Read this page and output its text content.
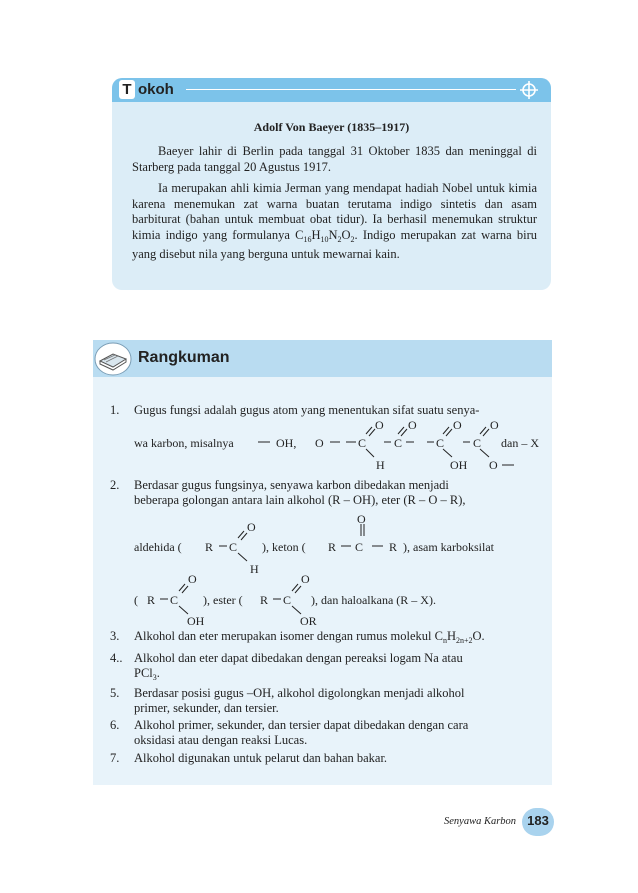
T okoh
Adolf Von Baeyer (1835–1917)
Baeyer lahir di Berlin pada tanggal 31 Oktober 1835 dan meninggal di Starberg pada tanggal 20 Agustus 1917.
Ia merupakan ahli kimia Jerman yang mendapat hadiah Nobel untuk kimia karena menemukan zat warna buatan terutama indigo sintetis dan asam barbiturat (bahan untuk membuat obat tidur). Ia berhasil menemukan struktur kimia indigo yang formulanya $C_{16}H_{10}N_2O_2$. Indigo merupakan zat warna biru yang disebut nila yang berguna untuk mewarnai kain.
Rangkuman
1. Gugus fungsi adalah gugus atom yang menentukan sifat suatu senya-
wa karbon, misalnya	OH, O	C
O
H
C
O
C
O
OH
C
O
O
dan – X
2. Berdasar gugus fungsinya, senyawa karbon dibedakan menjadi
beberapa golongan antara lain alkohol (R – OH), eter (R – O – R),
aldehida ( R C
O
H
), keton ( R C
O
R ), asam karboksilat
( R C
O
OH
), ester ( R C
O
OR
), dan haloalkana (R – X).
3. Alkohol dan eter merupakan isomer dengan rumus molekul $C_nH_{2n+2}O$.
4.. Alkohol dan eter dapat dibedakan dengan pereaksi logam Na atau
PCl$_3$.
5. Berdasar posisi gugus –OH, alkohol digolongkan menjadi alkohol
primer, sekunder, dan tersier.
6. Alkohol primer, sekunder, dan tersier dapat dibedakan dengan cara
oksidasi atau dengan reaksi Lucas.
7. Alkohol digunakan untuk pelarut dan bahan bakar.
Senyawa Karbon 183
